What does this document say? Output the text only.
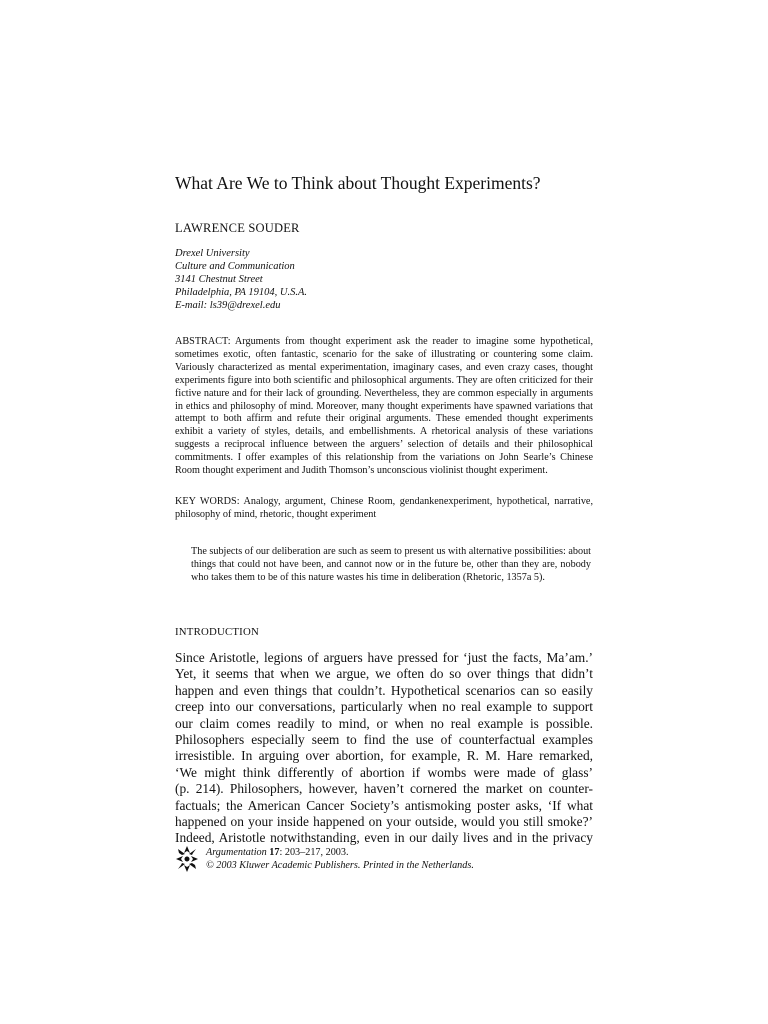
What Are We to Think about Thought Experiments?
LAWRENCE SOUDER
Drexel University
Culture and Communication
3141 Chestnut Street
Philadelphia, PA 19104, U.S.A.
E-mail: ls39@drexel.edu
ABSTRACT: Arguments from thought experiment ask the reader to imagine some hypothetical, sometimes exotic, often fantastic, scenario for the sake of illustrating or countering some claim. Variously characterized as mental experimentation, imaginary cases, and even crazy cases, thought experiments figure into both scientific and philosophical arguments. They are often criticized for their fictive nature and for their lack of grounding. Nevertheless, they are common especially in arguments in ethics and philosophy of mind. Moreover, many thought experiments have spawned variations that attempt to both affirm and refute their original arguments. These emended thought experiments exhibit a variety of styles, details, and embellishments. A rhetorical analysis of these variations suggests a reciprocal influence between the arguers’ selection of details and their philosophical commitments. I offer examples of this relationship from the variations on John Searle’s Chinese Room thought experiment and Judith Thomson’s unconscious violinist thought experiment.
KEY WORDS: Analogy, argument, Chinese Room, gendankenexperiment, hypothetical, narrative, philosophy of mind, rhetoric, thought experiment
The subjects of our deliberation are such as seem to present us with alternative possibilities: about things that could not have been, and cannot now or in the future be, other than they are, nobody who takes them to be of this nature wastes his time in deliberation (Rhetoric, 1357a 5).
INTRODUCTION
Since Aristotle, legions of arguers have pressed for ‘just the facts, Ma’am.’
Yet, it seems that when we argue, we often do so over things that didn’t
happen and even things that couldn’t. Hypothetical scenarios can so easily
creep into our conversations, particularly when no real example to support
our claim comes readily to mind, or when no real example is possible.
Philosophers especially seem to find the use of counterfactual examples
irresistible. In arguing over abortion, for example, R. M. Hare remarked,
‘We might think differently of abortion if wombs were made of glass’
(p. 214). Philosophers, however, haven’t cornered the market on counter-
factuals; the American Cancer Society’s antismoking poster asks, ‘If what
happened on your inside happened on your outside, would you still smoke?’
Indeed, Aristotle notwithstanding, even in our daily lives and in the privacy
Argumentation 17: 203–217, 2003.
© 2003 Kluwer Academic Publishers. Printed in the Netherlands.
